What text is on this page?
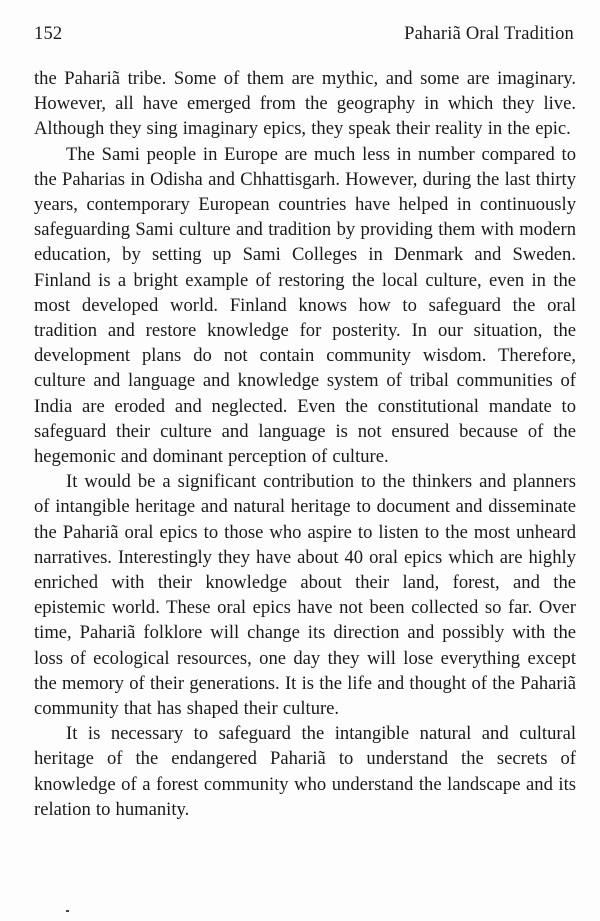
152	Pahariã Oral Tradition

the Pahariã tribe. Some of them are mythic, and some are imaginary. However, all have emerged from the geography in which they live. Although they sing imaginary epics, they speak their reality in the epic.

The Sami people in Europe are much less in number compared to the Paharias in Odisha and Chhattisgarh. However, during the last thirty years, contemporary European countries have helped in continuously safeguarding Sami culture and tradition by providing them with modern education, by setting up Sami Colleges in Denmark and Sweden. Finland is a bright example of restoring the local culture, even in the most developed world. Finland knows how to safeguard the oral tradition and restore knowledge for posterity. In our situation, the development plans do not contain community wisdom. Therefore, culture and language and knowledge system of tribal communities of India are eroded and neglected. Even the constitutional mandate to safeguard their culture and language is not ensured because of the hegemonic and dominant perception of culture.

It would be a significant contribution to the thinkers and planners of intangible heritage and natural heritage to document and disseminate the Pahariã oral epics to those who aspire to listen to the most unheard narratives. Interestingly they have about 40 oral epics which are highly enriched with their knowledge about their land, forest, and the epistemic world. These oral epics have not been collected so far. Over time, Pahariã folklore will change its direction and possibly with the loss of ecological resources, one day they will lose everything except the memory of their generations. It is the life and thought of the Pahariã community that has shaped their culture.

It is necessary to safeguard the intangible natural and cultural heritage of the endangered Pahariã to understand the secrets of knowledge of a forest community who understand the landscape and its relation to humanity.
